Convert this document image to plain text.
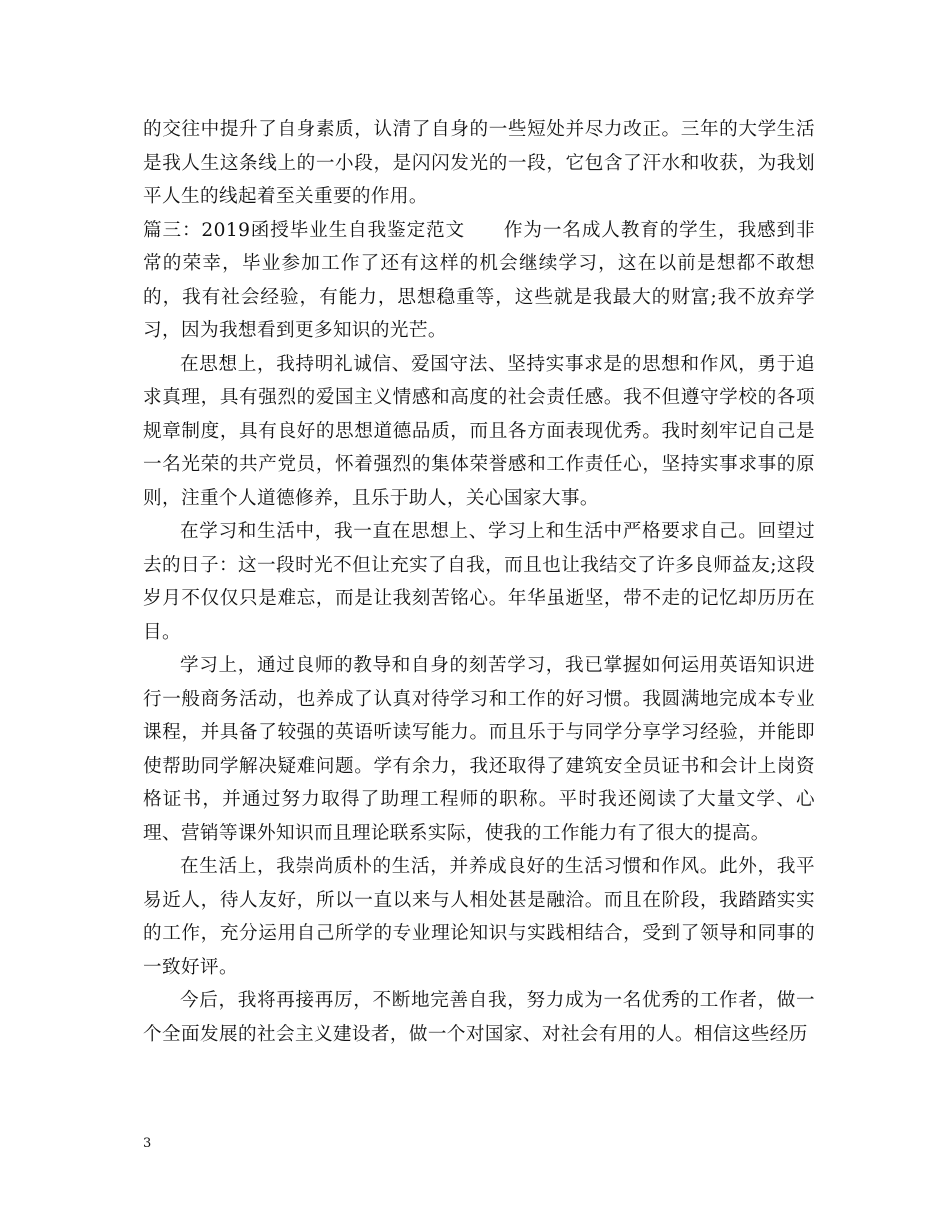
的交往中提升了自身素质，认清了自身的一些短处并尽力改正。三年的大学生活是我人生这条线上的一小段，是闪闪发光的一段，它包含了汗水和收获，为我划平人生的线起着至关重要的作用。

篇三：2019函授毕业生自我鉴定范文　　作为一名成人教育的学生，我感到非常的荣幸，毕业参加工作了还有这样的机会继续学习，这在以前是想都不敢想的，我有社会经验，有能力，思想稳重等，这些就是我最大的财富;我不放弃学习，因为我想看到更多知识的光芒。

在思想上，我持明礼诚信、爱国守法、坚持实事求是的思想和作风，勇于追求真理，具有强烈的爱国主义情感和高度的社会责任感。我不但遵守学校的各项规章制度，具有良好的思想道德品质，而且各方面表现优秀。我时刻牢记自己是一名光荣的共产党员，怀着强烈的集体荣誉感和工作责任心，坚持实事求事的原则，注重个人道德修养，且乐于助人，关心国家大事。

在学习和生活中，我一直在思想上、学习上和生活中严格要求自己。回望过去的日子：这一段时光不但让充实了自我，而且也让我结交了许多良师益友;这段岁月不仅仅只是难忘，而是让我刻苦铭心。年华虽逝坚，带不走的记忆却历历在目。

学习上，通过良师的教导和自身的刻苦学习，我已掌握如何运用英语知识进行一般商务活动，也养成了认真对待学习和工作的好习惯。我圆满地完成本专业课程，并具备了较强的英语听读写能力。而且乐于与同学分享学习经验，并能即使帮助同学解决疑难问题。学有余力，我还取得了建筑安全员证书和会计上岗资格证书，并通过努力取得了助理工程师的职称。平时我还阅读了大量文学、心理、营销等课外知识而且理论联系实际，使我的工作能力有了很大的提高。

在生活上，我崇尚质朴的生活，并养成良好的生活习惯和作风。此外，我平易近人，待人友好，所以一直以来与人相处甚是融洽。而且在阶段，我踏踏实实的工作，充分运用自己所学的专业理论知识与实践相结合，受到了领导和同事的一致好评。

今后，我将再接再厉，不断地完善自我，努力成为一名优秀的工作者，做一个全面发展的社会主义建设者，做一个对国家、对社会有用的人。相信这些经历

3
